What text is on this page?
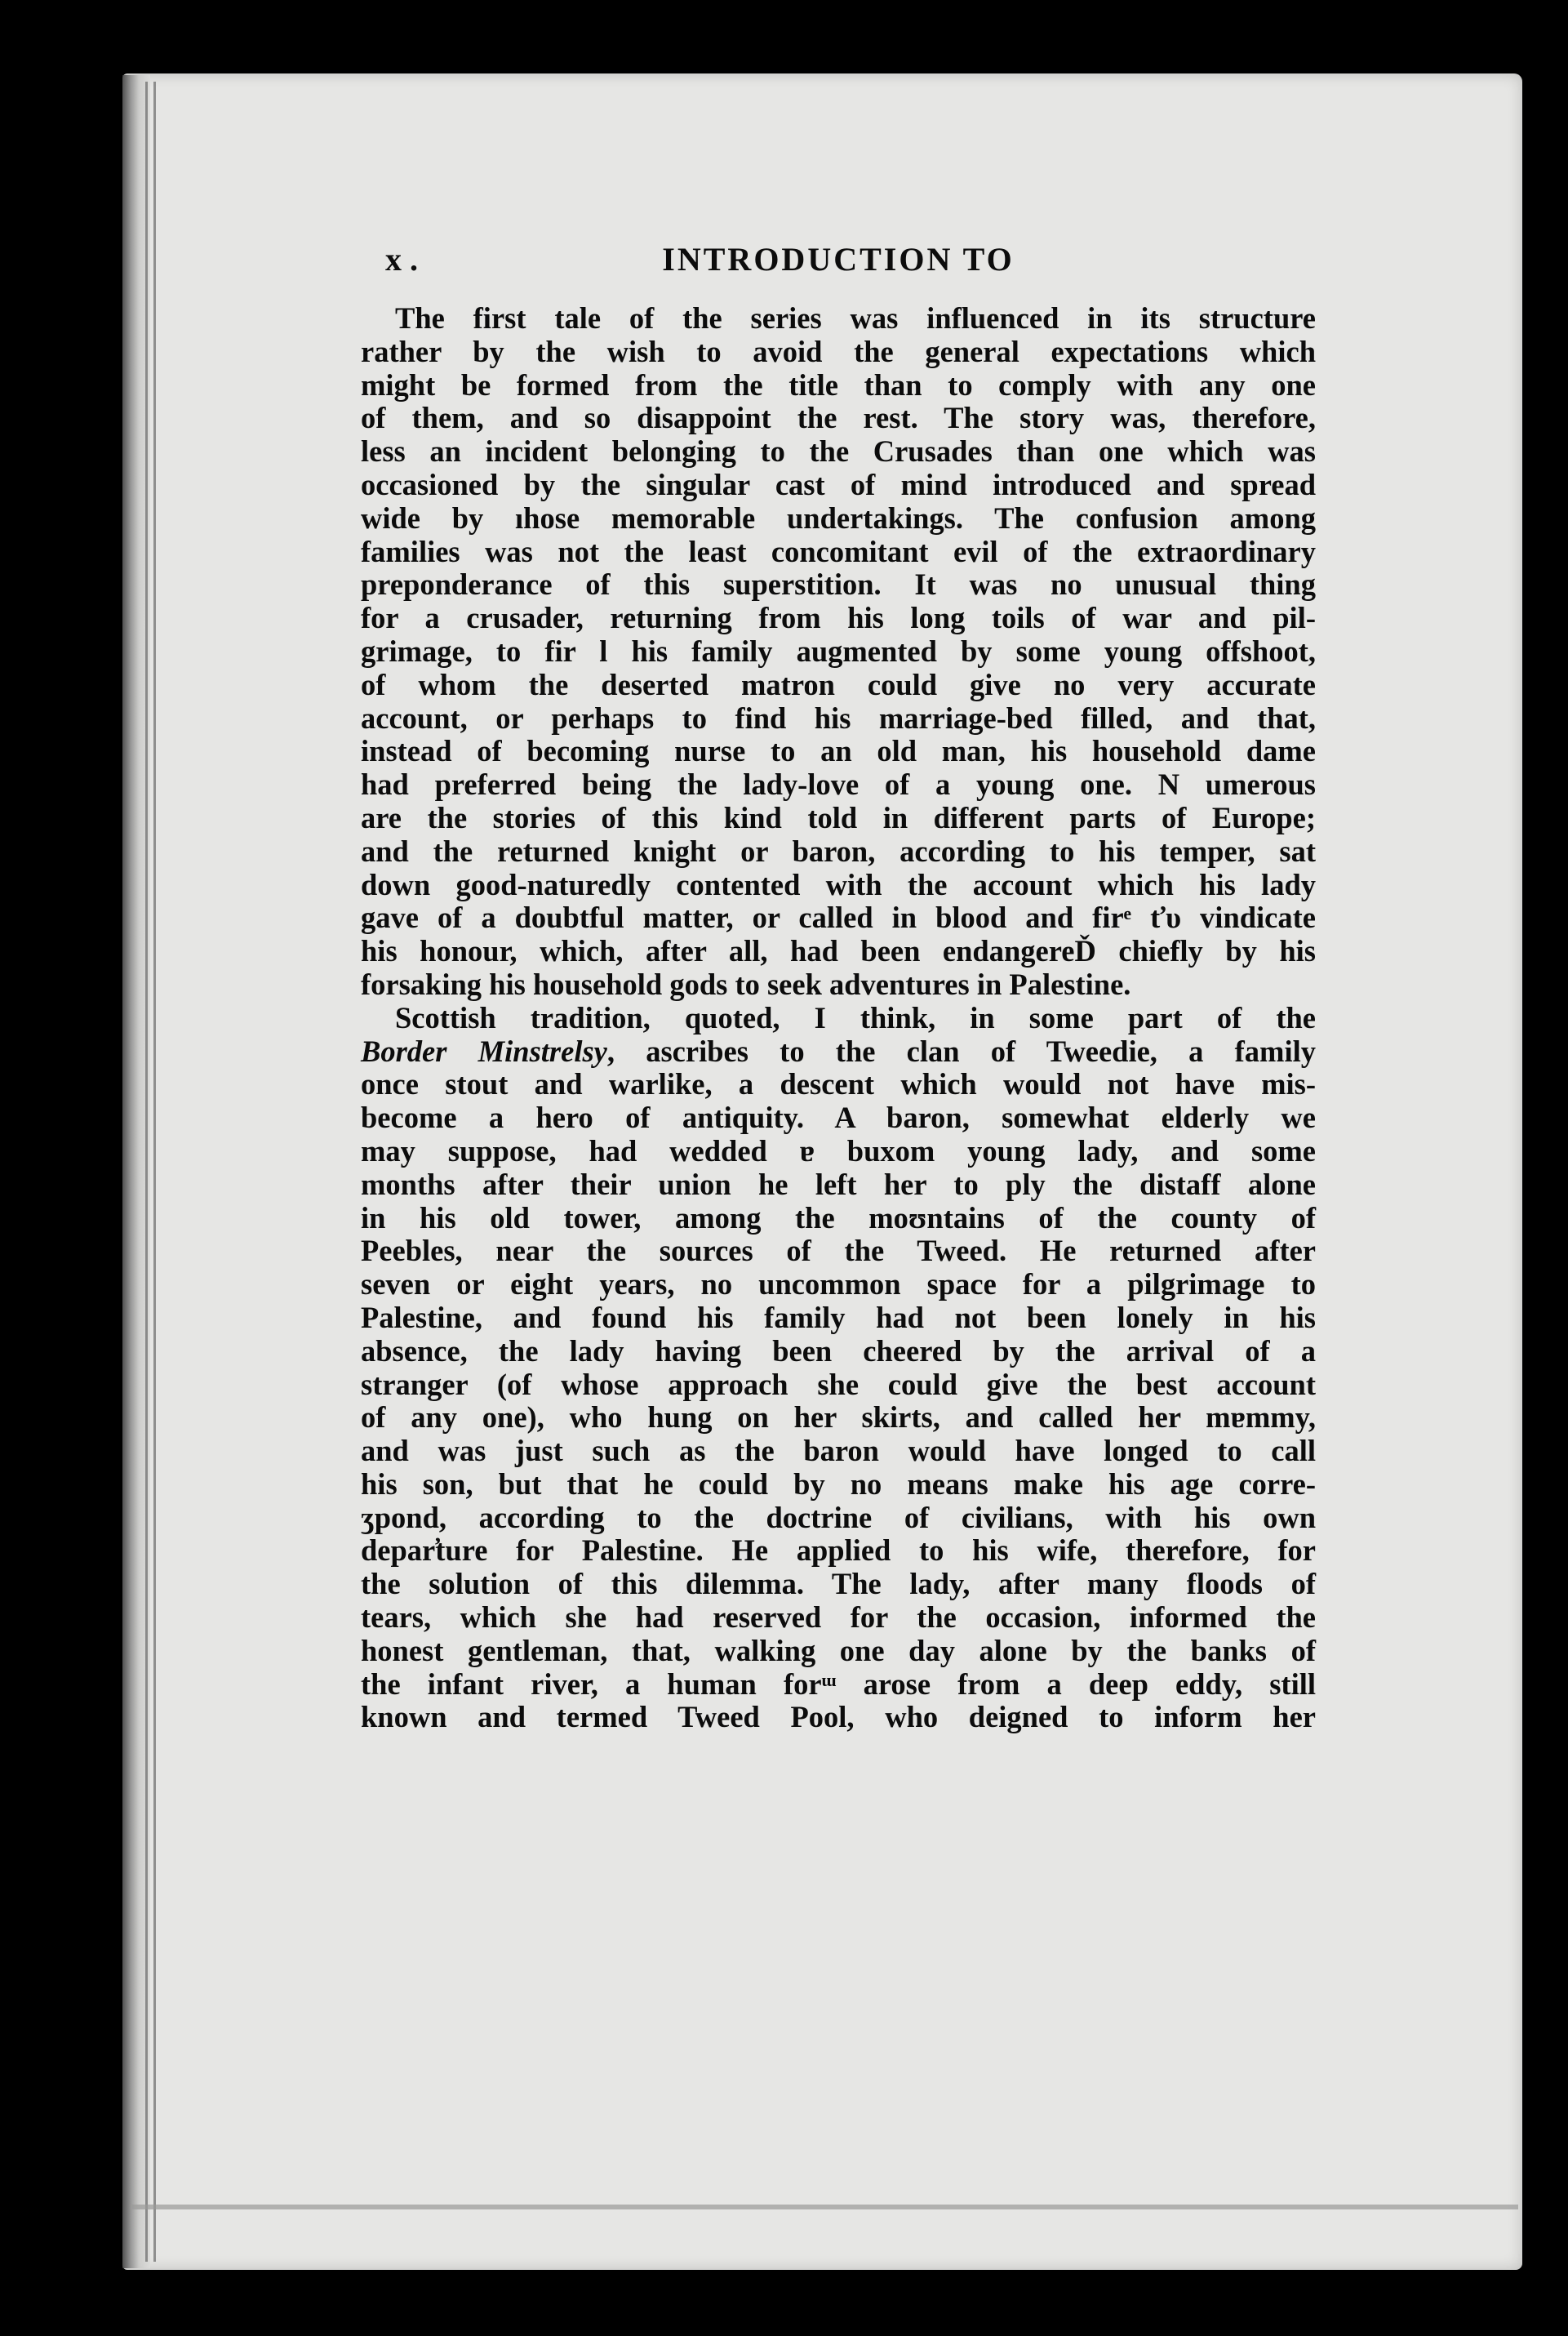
x .	INTRODUCTION TO
The first tale of the series was influenced in its structure
rather by the wish to avoid the general expectations which
might be formed from the title than to comply with any one
of them, and so disappoint the rest. The story was, therefore,
less an incident belonging to the Crusades than one which was
occasioned by the singular cast of mind introduced and spread
wide by ıhose memorable undertakings. The confusion among
families was not the least concomitant evil of the extraordinary
preponderance of this superstition. It was no unusual thing
for a crusader, returning from his long toils of war and pil-
grimage, to fir l his family augmented by some young offshoot,
of whom the deserted matron could give no very accurate
account, or perhaps to find his marriage-bed filled, and that,
instead of becoming nurse to an old man, his household dame
had preferred being the lady-love of a young one. N umerous
are the stories of this kind told in different parts of Europe;
and the returned knight or baron, according to his temper, sat
down good-naturedly contented with the account which his lady
gave of a doubtful matter, or called in blood and firᵉ ťυ vindicate
his honour, which, after all, had been endangereĎ chiefly by his
forsaking his household gods to seek adventures in Palestine.
Scottish tradition, quoted, I think, in some part of the
Border Minstrelsy, ascribes to the clan of Tweedie, a family
once stout and warlike, a descent which would not have mis-
become a hero of antiquity. A baron, somewhat elderly we
may suppose, had wedded ɐ buxom young lady, and some
months after their union he left her to ply the distaff alone
in his old tower, among the moʊntains of the county of
Peebles, near the sources of the Tweed. He returned after
seven or eight years, no uncommon space for a pilgrimage to
Palestine, and found his family had not been lonely in his
absence, the lady having been cheered by the arrival of a
stranger (of whose approach she could give the best account
of any one), who hung on her skirts, and called her mɐmmy,
and was just such as the baron would have longed to call
his son, but that he could by no means make his age corre-
ʒpond, according to the doctrine of civilians, with his own
depar̕ture for Palestine. He applied to his wife, therefore, for
the solution of this dilemma. The lady, after many floods of
tears, which she had reserved for the occasion, informed the
honest gentleman, that, walking one day alone by the banks of
the infant river, a human forᵚ arose from a deep eddy, still
known and termed Tweed Pool, who deigned to inform her
